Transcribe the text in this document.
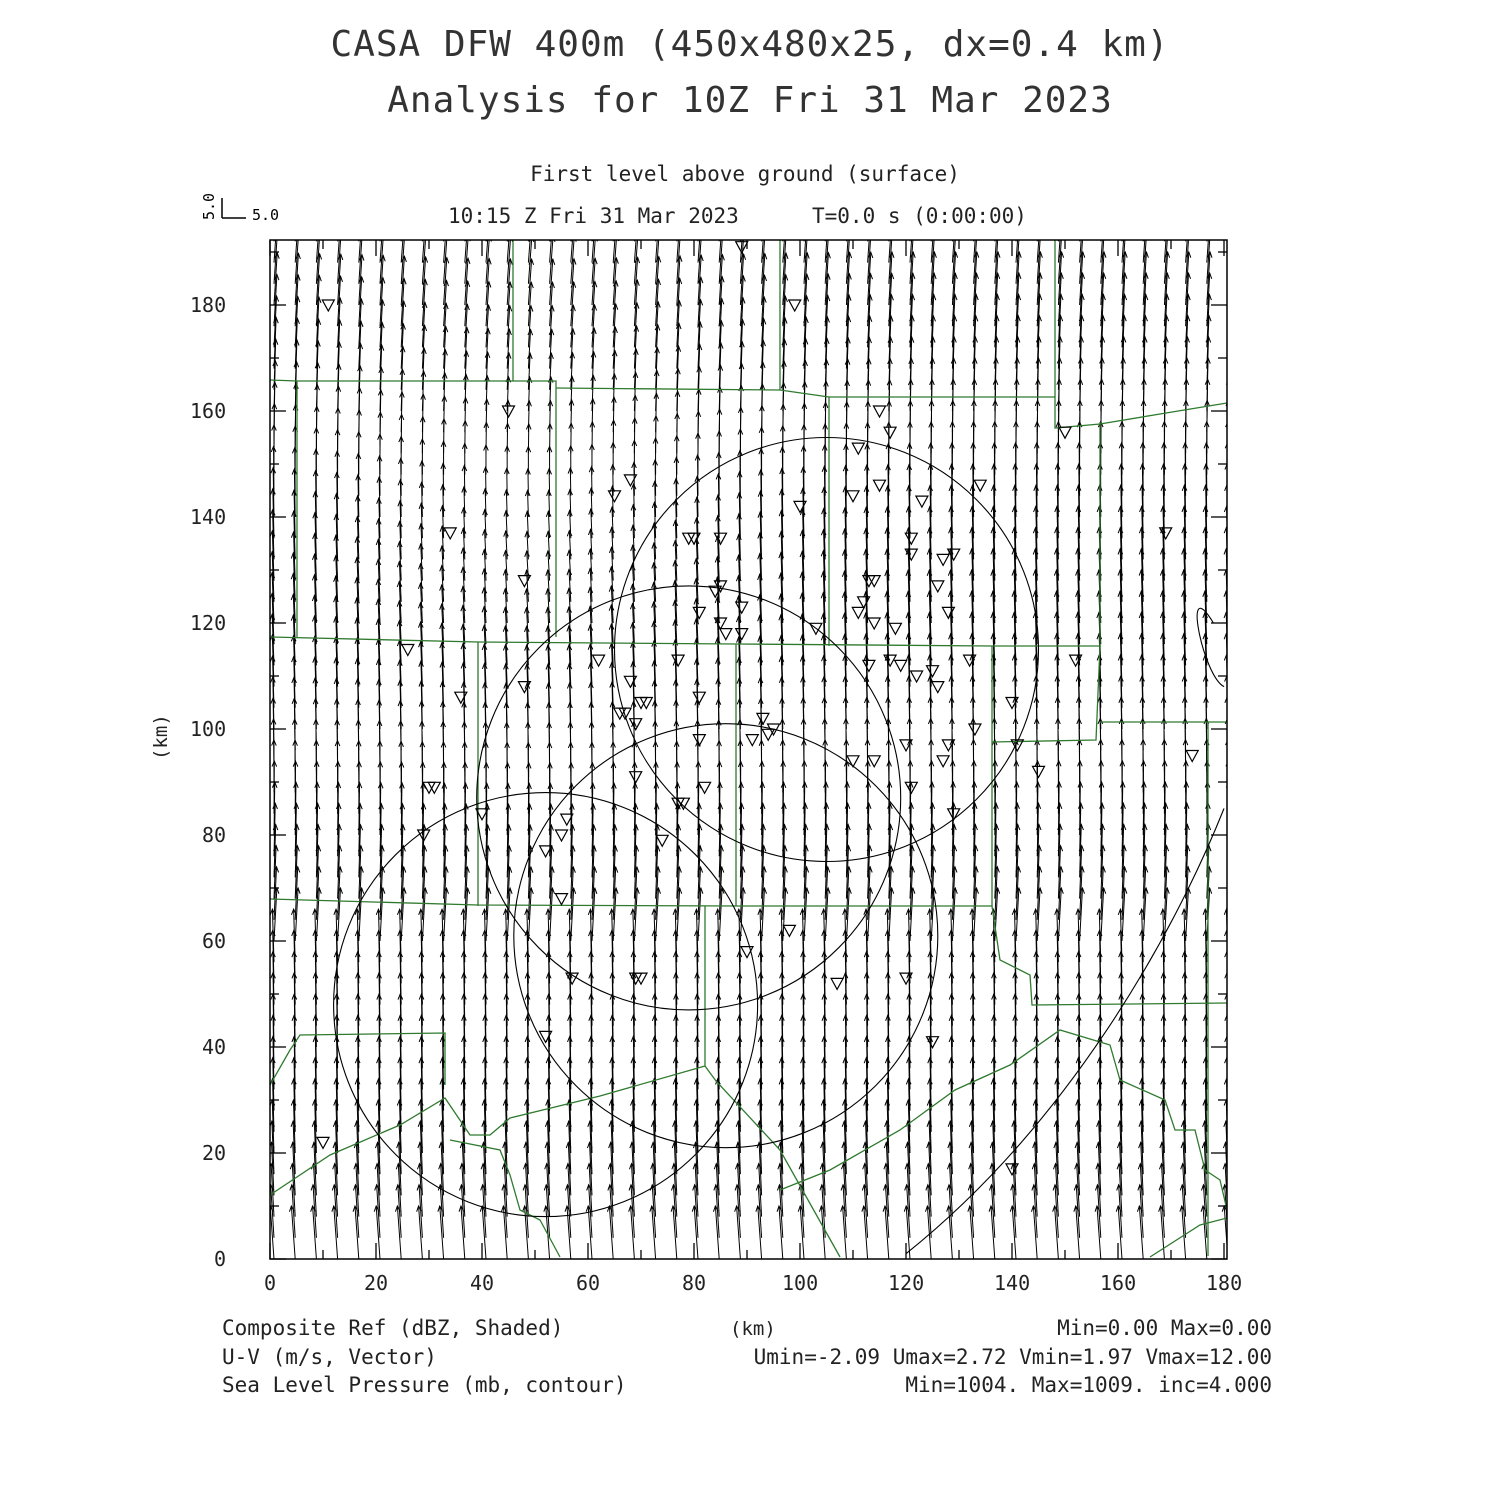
CASA DFW 400m (450x480x25, dx=0.4 km)
Analysis for 10Z Fri 31 Mar 2023
First level above ground (surface)
10:15 Z Fri 31 Mar 2023	T=0.0 s (0:00:00)
5.0 5.0
0
20
40
60
80
100
120
140
160
180
(km)
0	20	40	60	80	100	120	140	160	180
Composite Ref (dBZ, Shaded)	(km)	Min=0.00 Max=0.00
U-V (m/s, Vector)	Umin=-2.09 Umax=2.72 Vmin=1.97 Vmax=12.00
Sea Level Pressure (mb, contour)	Min=1004. Max=1009. inc=4.000
